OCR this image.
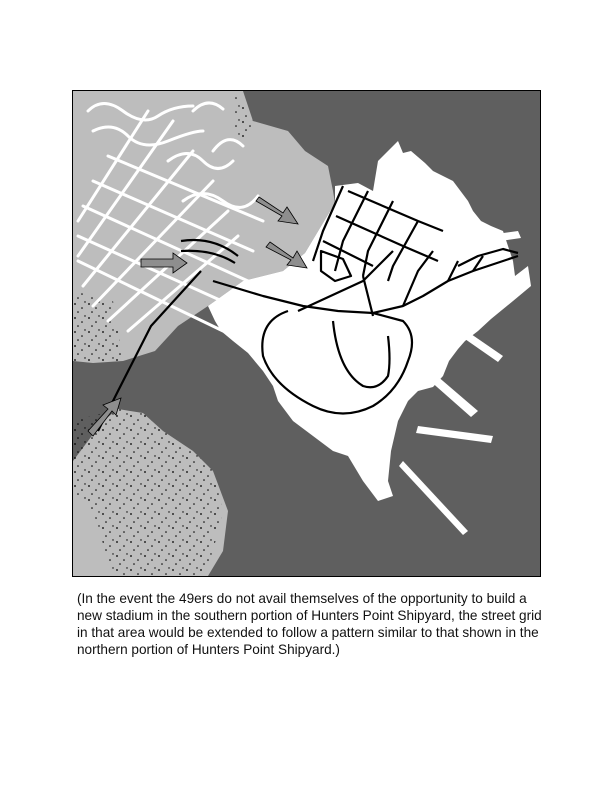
(In the event the 49ers do not avail themselves of the opportunity to build a new stadium in the southern portion of Hunters Point Shipyard, the street grid in that area would be extended to follow a pattern similar to that shown in the northern portion of Hunters Point Shipyard.)
